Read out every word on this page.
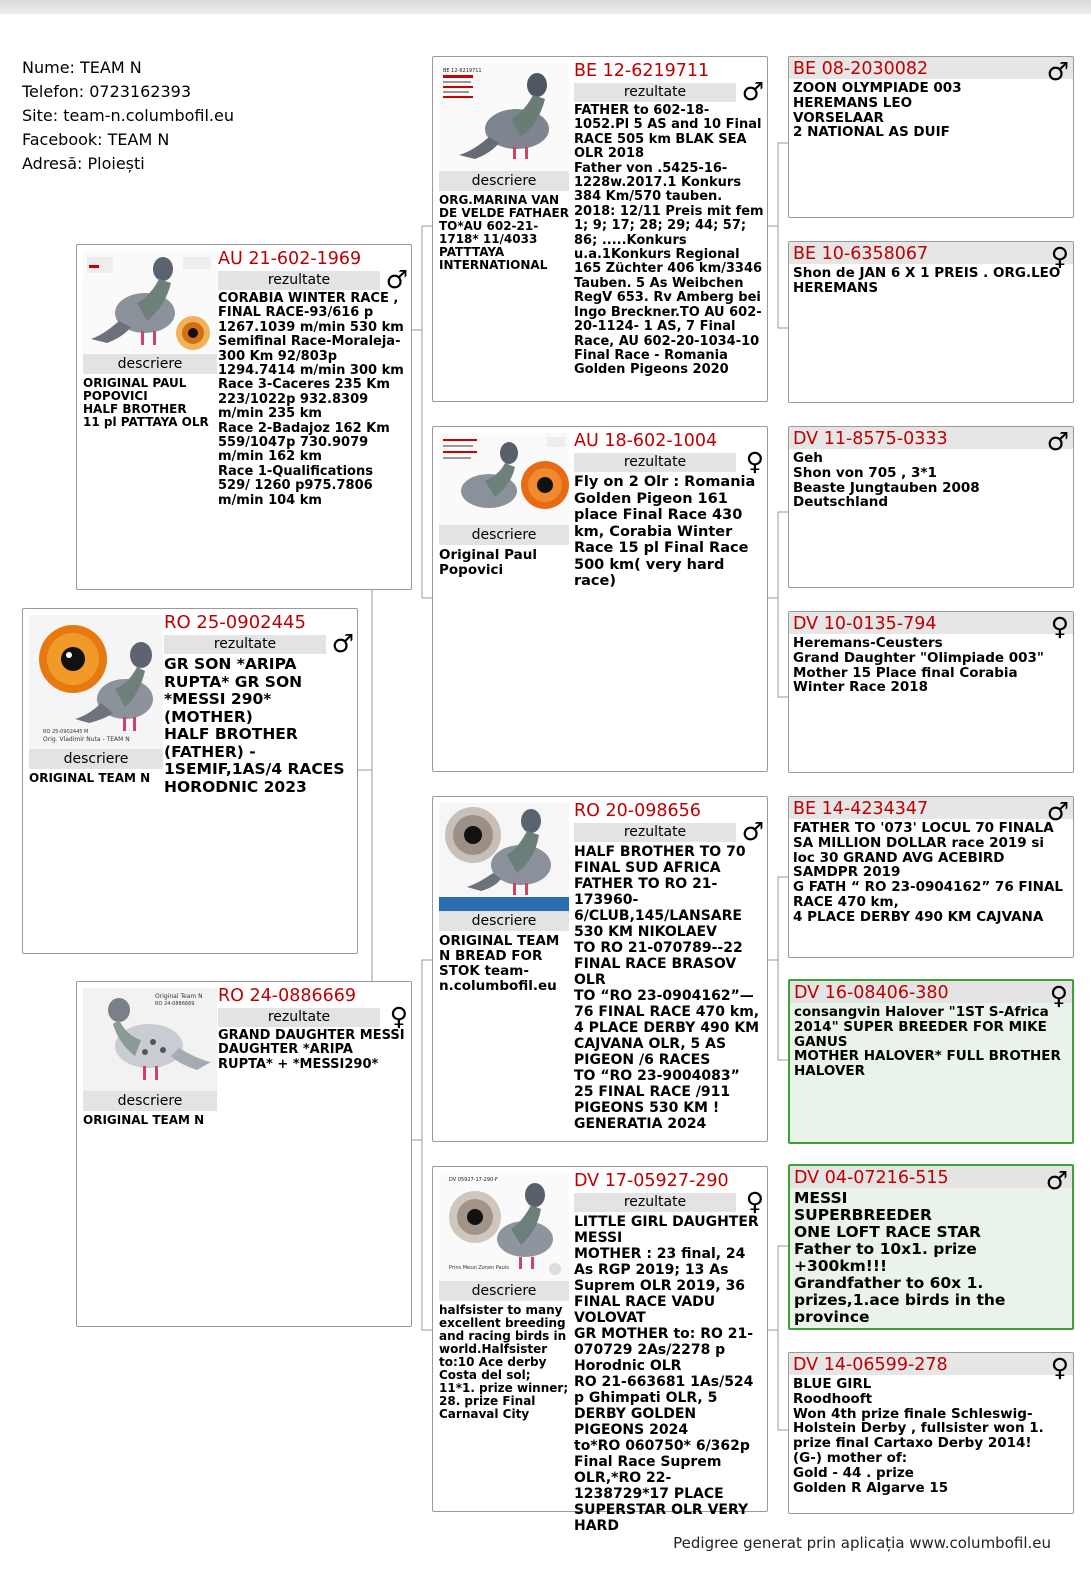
Nume: TEAM N
Telefon: 0723162393
Site: team-n.columbofil.eu
Facebook: TEAM N
Adresă: Ploiești
Orig. Vladimir Nuta - TEAM N
RO 25-0902445 M
descriere
ORIGINAL TEAM N
RO 25-0902445
rezultate	♂
GR SON *ARIPA RUPTA* GR SON *MESSI 290* (MOTHER)
HALF BROTHER (FATHER) - 1SEMIF,1AS/4 RACES HORODNIC 2023
descriere
ORIGINAL PAUL POPOVICI
HALF BROTHER
11 pl PATTAYA OLR
AU 21-602-1969
rezultate	♂
CORABIA WINTER RACE , FINAL RACE-93/616 p 1267.1039 m/min 530 km
Semifinal Race-Moraleja-300 Km 92/803p 1294.7414 m/min 300 km
Race 3-Caceres 235 Km 223/1022p 932.8309 m/min 235 km
Race 2-Badajoz 162 Km 559/1047p 730.9079 m/min 162 km
Race 1-Qualifications 529/ 1260 p975.7806 m/min 104 km
Original Team N
RO 24-0886669
descriere
ORIGINAL TEAM N
RO 24-0886669
rezultate	♀
GRAND DAUGHTER MESSI DAUGHTER *ARIPA RUPTA* + *MESSI290*
BE 12-6219711
descriere
ORG.MARINA VAN DE VELDE FATHAER TO*AU 602-21-1718* 11/4033 PATTTAYA INTERNATIONAL
BE 12-6219711
rezultate	♂
FATHER to 602-18-1052.Pl 5 AS and 10 Final RACE 505 km BLAK SEA OLR 2018
Father von .5425-16-1228w.2017.1 Konkurs 384 Km/570 tauben. 2018: 12/11 Preis mit fem 1; 9; 17; 28; 29; 44; 57; 86; .....Konkurs u.a.1Konkurs Regional 165 Züchter 406 km/3346 Tauben. 5 As Weibchen RegV 653. Rv Amberg bei Ingo Breckner.TO AU 602-20-1124- 1 AS, 7 Final Race, AU 602-20-1034-10 Final Race - Romania Golden Pigeons 2020
descriere
Original Paul Popovici
AU 18-602-1004
rezultate	♀
Fly on 2 Olr : Romania Golden Pigeon 161 place Final Race 430 km, Corabia Winter Race 15 pl Final Race 500 km( very hard race)
descriere
ORIGINAL TEAM N BREAD FOR STOK team-n.columbofil.eu
RO 20-098656
rezultate	♂
HALF BROTHER TO 70 FINAL SUD AFRICA FATHER TO RO 21-173960-6/CLUB,145/LANSARE 530 KM NIKOLAEV
TO RO 21-070789--22 FINAL RACE BRASOV OLR
TO “RO 23-0904162”—76 FINAL RACE 470 km, 4 PLACE DERBY 490 KM CAJVANA OLR, 5 AS PIGEON /6 RACES
TO “RO 23-9004083” 25 FINAL RACE /911 PIGEONS 530 KM !
GENERATIA 2024
DV 05927-17-290-F
Prins Messi Zonen Pauls
descriere
halfsister to many excellent breeding and racing birds in world.Halfsister to:10 Ace derby Costa del sol; 11*1. prize winner; 28. prize Final Carnaval City
DV 17-05927-290
rezultate	♀
LITTLE GIRL DAUGHTER MESSI
MOTHER : 23 final, 24 As RGP 2019; 13 As Suprem OLR 2019, 36 FINAL RACE VADU VOLOVAT
GR MOTHER to: RO 21-070729 2As/2278 p Horodnic OLR
RO 21-663681 1As/524 p Ghimpati OLR, 5 DERBY GOLDEN PIGEONS 2024
to*RO 060750* 6/362p Final Race Suprem OLR,*RO 22-1238729*17 PLACE SUPERSTAR OLR VERY HARD
BE 08-2030082	♂
ZOON OLYMPIADE 003
HEREMANS LEO
VORSELAAR
2 NATIONAL AS DUIF
BE 10-6358067	♀
Shon de JAN 6 X 1 PREIS . ORG.LEO HEREMANS
DV 11-8575-0333	♂
Geh
Shon von 705 , 3*1
Beaste Jungtauben 2008
Deutschland
DV 10-0135-794	♀
Heremans-Ceusters
Grand Daughter "Olimpiade 003"
Mother 15 Place final Corabia Winter Race 2018
BE 14-4234347	♂
FATHER TO '073' LOCUL 70 FINALA SA MILLION DOLLAR race 2019 si loc 30 GRAND AVG ACEBIRD SAMDPR 2019
G FATH “ RO 23-0904162” 76 FINAL RACE 470 km,
4 PLACE DERBY 490 KM CAJVANA
DV 16-08406-380	♀
consangvin Halover "1ST S-Africa 2014" SUPER BREEDER FOR MIKE GANUS
MOTHER HALOVER* FULL BROTHER HALOVER
DV 04-07216-515	♂
MESSI
SUPERBREEDER
ONE LOFT RACE STAR
Father to 10x1. prize +300km!!!
Grandfather to 60x 1. prizes,1.ace birds in the province
DV 14-06599-278	♀
BLUE GIRL
Roodhooft
Won 4th prize finale Schleswig-Holstein Derby , fullsister won 1.
prize final Cartaxo Derby 2014!
(G-) mother of:
Gold - 44 . prize
Golden R Algarve 15
Pedigree generat prin aplicația www.columbofil.eu
